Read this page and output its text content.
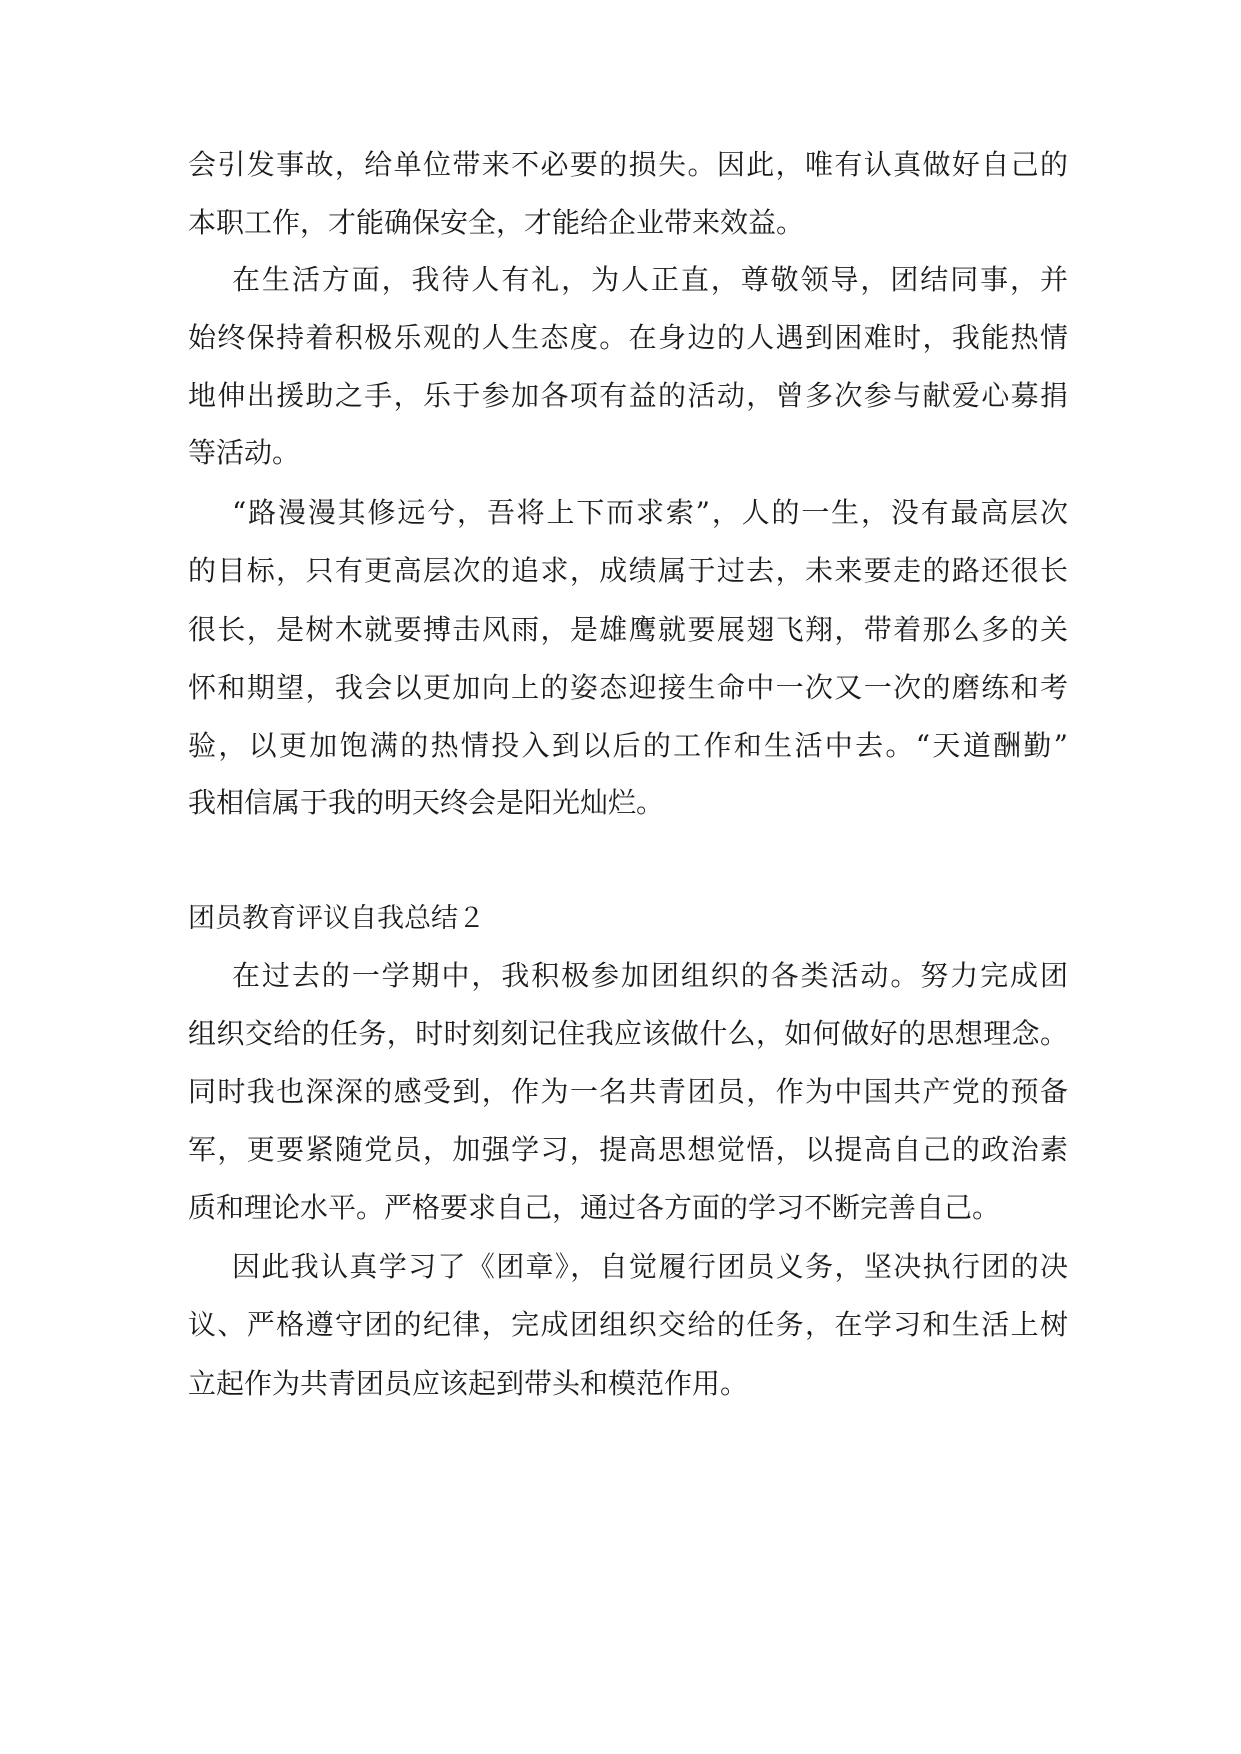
会引发事故，给单位带来不必要的损失。因此，唯有认真做好自己的
本职工作，才能确保安全，才能给企业带来效益。
在生活方面，我待人有礼，为人正直，尊敬领导，团结同事，并
始终保持着积极乐观的人生态度。在身边的人遇到困难时，我能热情
地伸出援助之手，乐于参加各项有益的活动，曾多次参与献爱心募捐
等活动。
“路漫漫其修远兮，吾将上下而求索”，人的一生，没有最高层次
的目标，只有更高层次的追求，成绩属于过去，未来要走的路还很长
很长，是树木就要搏击风雨，是雄鹰就要展翅飞翔，带着那么多的关
怀和期望，我会以更加向上的姿态迎接生命中一次又一次的磨练和考
验，以更加饱满的热情投入到以后的工作和生活中去。“天道酬勤”
我相信属于我的明天终会是阳光灿烂。
团员教育评议自我总结２
在过去的一学期中，我积极参加团组织的各类活动。努力完成团
组织交给的任务，时时刻刻记住我应该做什么，如何做好的思想理念。
同时我也深深的感受到，作为一名共青团员，作为中国共产党的预备
军，更要紧随党员，加强学习，提高思想觉悟，以提高自己的政治素
质和理论水平。严格要求自己，通过各方面的学习不断完善自己。
因此我认真学习了《团章》，自觉履行团员义务，坚决执行团的决
议、严格遵守团的纪律，完成团组织交给的任务，在学习和生活上树
立起作为共青团员应该起到带头和模范作用。
